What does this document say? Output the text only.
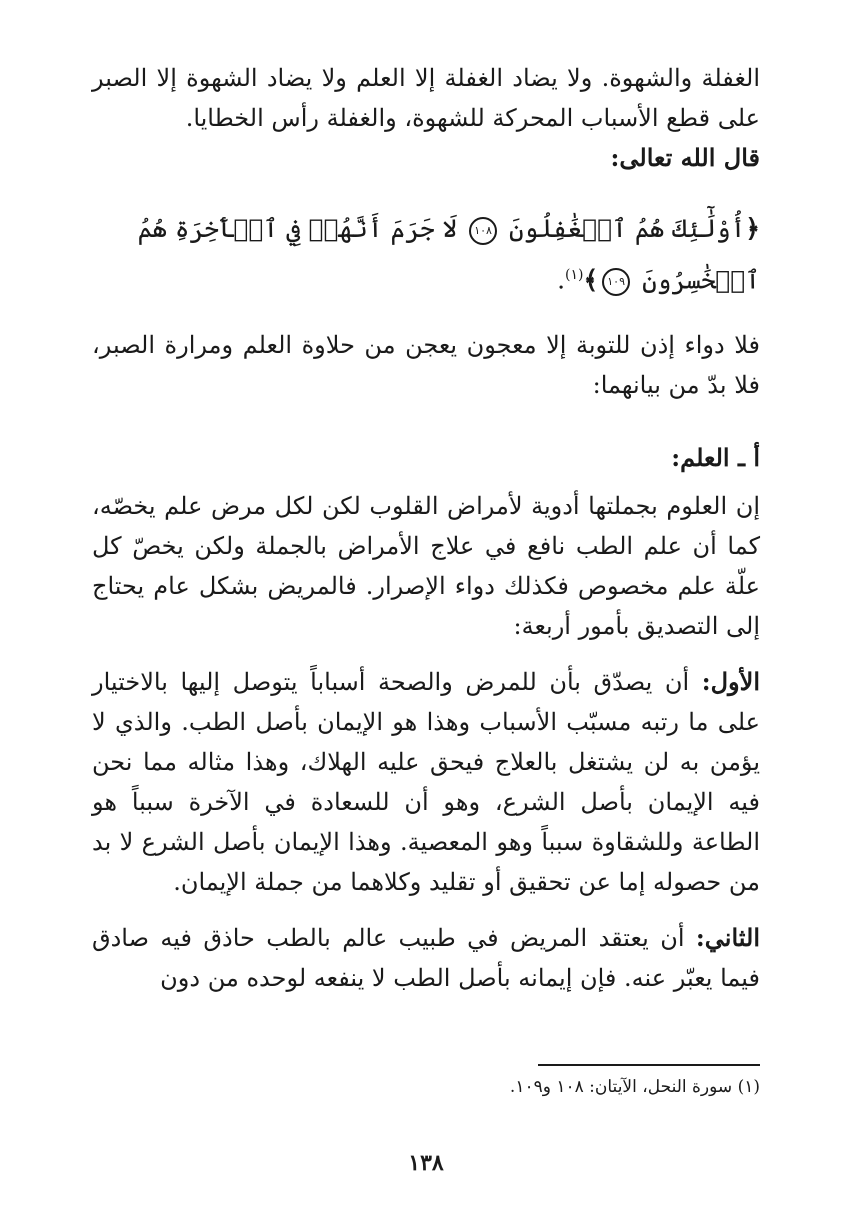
الغفلة والشهوة. ولا يضاد الغفلة إلا العلم ولا يضاد الشهوة إلا الصبر على قطع الأسباب المحركة للشهوة، والغفلة رأس الخطايا.

قال الله تعالى:

﴿أُوْلَٰٓئِكَ هُمُ ٱلۡغَٰفِلُونَ ١٠٨ لَا جَرَمَ أَنَّهُمۡ فِي ٱلۡأٓخِرَةِ هُمُ ٱلۡخَٰسِرُونَ ١٠٩﴾$^{(١)}$.

فلا دواء إذن للتوبة إلا معجون يعجن من حلاوة العلم ومرارة الصبر، فلا بدّ من بيانهما:

أ ـ العلم:

إن العلوم بجملتها أدوية لأمراض القلوب لكن لكل مرض علم يخصّه، كما أن علم الطب نافع في علاج الأمراض بالجملة ولكن يخصّ كل علّة علم مخصوص فكذلك دواء الإصرار. فالمريض بشكل عام يحتاج إلى التصديق بأمور أربعة:

الأول: أن يصدّق بأن للمرض والصحة أسباباً يتوصل إليها بالاختيار على ما رتبه مسبّب الأسباب وهذا هو الإيمان بأصل الطب. والذي لا يؤمن به لن يشتغل بالعلاج فيحق عليه الهلاك، وهذا مثاله مما نحن فيه الإيمان بأصل الشرع، وهو أن للسعادة في الآخرة سبباً هو الطاعة وللشقاوة سبباً وهو المعصية. وهذا الإيمان بأصل الشرع لا بد من حصوله إما عن تحقيق أو تقليد وكلاهما من جملة الإيمان.

الثاني: أن يعتقد المريض في طبيب عالم بالطب حاذق فيه صادق فيما يعبّر عنه. فإن إيمانه بأصل الطب لا ينفعه لوحده من دون

(١) سورة النحل، الآيتان: ١٠٨ و١٠٩.
١٣٨
